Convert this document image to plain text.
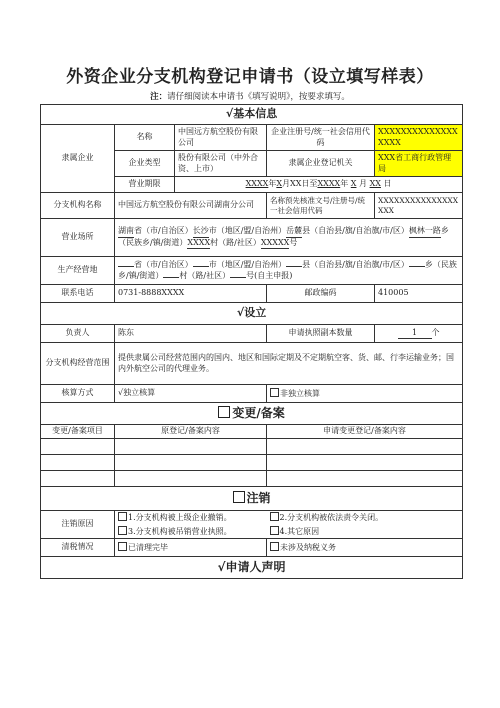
外资企业分支机构登记申请书（设立填写样表）
注：请仔细阅读本申请书《填写说明》，按要求填写。
√基本信息				
隶属企业	名称	中国远方航空股份有限公司	企业注册号/统一社会信用代码	XXXXXXXXXXXXXXXXXX
	企业类型	股份有限公司（中外合资、上市）	隶属企业登记机关	XXX省工商行政管理局
	营业期限	XXXX年X月XX日至XXXX年 X 月 XX 日		
分支机构名称	中国远方航空股份有限公司湖南分公司		名称预先核准文号/注册号/统一社会信用代码	XXXXXXXXXXXXXXXXXX
营业场所	湖南省（市/自治区）长沙市（地区/盟/自治州）岳麓县（自治县/旗/自治旗/市/区）枫林一路乡（民族乡/镇/街道）XXXX村（路/社区）XXXXX号			
生产经营地	省（市/自治区） 市（地区/盟/自治州） 县（自治县/旗/自治旗/市/区） 乡（民族乡/镇/街道） 村（路/社区） 号(自主申报)			
联系电话	0731-8888XXXX		邮政编码	410005
√设立				
负责人	陈东		申请执照副本数量	1 个
分支机构经营范围	提供隶属公司经营范围内的国内、地区和国际定期及不定期航空客、货、邮、行李运输业务；国内外航空公司的代理业务。			
核算方式	√独立核算		非独立核算	
变更/备案				
变更/备案项目	原登记/备案内容		申请变更登记/备案内容	

注销				
注销原因	1.分支机构被上级企业撤销。		2.分支机构被依法责令关闭。	
	3.分支机构被吊销营业执照。		4.其它原因	
清税情况	已清理完毕		未涉及纳税义务	
√申请人声明				
